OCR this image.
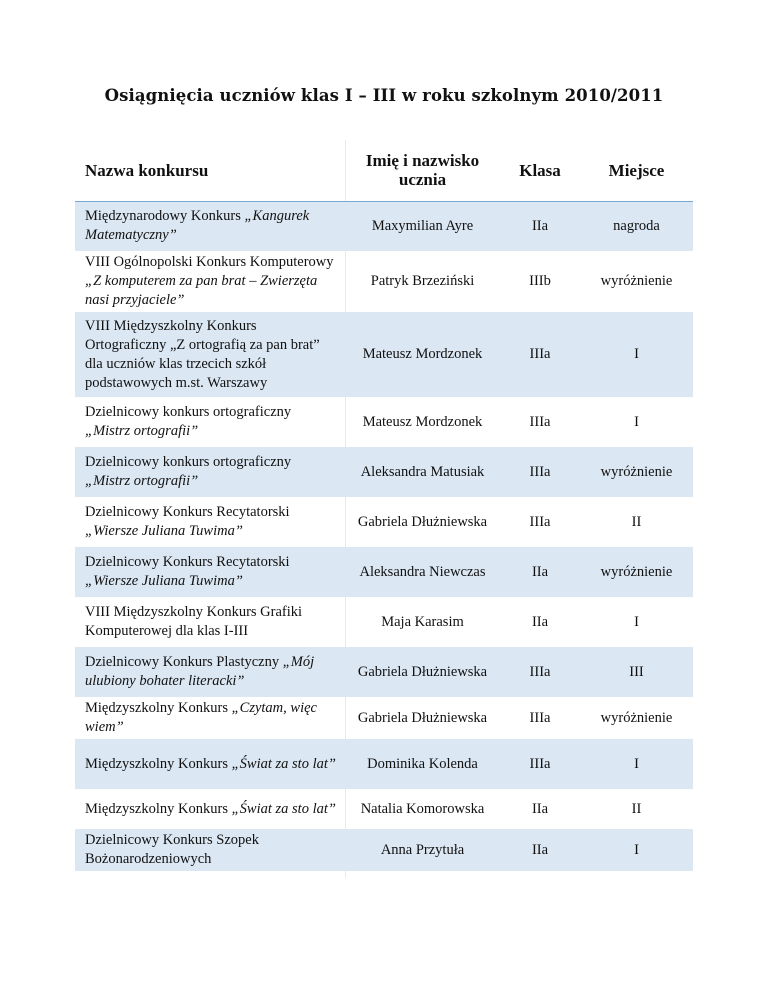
Osiągnięcia uczniów klas I – III w roku szkolnym 2010/2011
Nazwa konkursu	Imię i nazwisko ucznia	Klasa	Miejsce
Międzynarodowy Konkurs „Kangurek Matematyczny”	Maxymilian Ayre	IIa	nagroda
VIII Ogólnopolski Konkurs Komputerowy „Z komputerem za pan brat – Zwierzęta nasi przyjaciele”	Patryk Brzeziński	IIIb	wyróżnienie
VIII Międzyszkolny Konkurs Ortograficzny „Z ortografią za pan brat” dla uczniów klas trzecich szkół podstawowych m.st. Warszawy	Mateusz Mordzonek	IIIa	I
Dzielnicowy konkurs ortograficzny „Mistrz ortografii”	Mateusz Mordzonek	IIIa	I
Dzielnicowy konkurs ortograficzny „Mistrz ortografii”	Aleksandra Matusiak	IIIa	wyróżnienie
Dzielnicowy Konkurs Recytatorski „Wiersze Juliana Tuwima”	Gabriela Dłużniewska	IIIa	II
Dzielnicowy Konkurs Recytatorski „Wiersze Juliana Tuwima”	Aleksandra Niewczas	IIa	wyróżnienie
VIII Międzyszkolny Konkurs Grafiki Komputerowej dla klas I-III	Maja Karasim	IIa	I
Dzielnicowy Konkurs Plastyczny „Mój ulubiony bohater literacki”	Gabriela Dłużniewska	IIIa	III
Międzyszkolny Konkurs „Czytam, więc wiem”	Gabriela Dłużniewska	IIIa	wyróżnienie
Międzyszkolny Konkurs „Świat za sto lat”	Dominika Kolenda	IIIa	I
Międzyszkolny Konkurs „Świat za sto lat”	Natalia Komorowska	IIa	II
Dzielnicowy Konkurs Szopek Bożonarodzeniowych	Anna Przytuła	IIa	I
